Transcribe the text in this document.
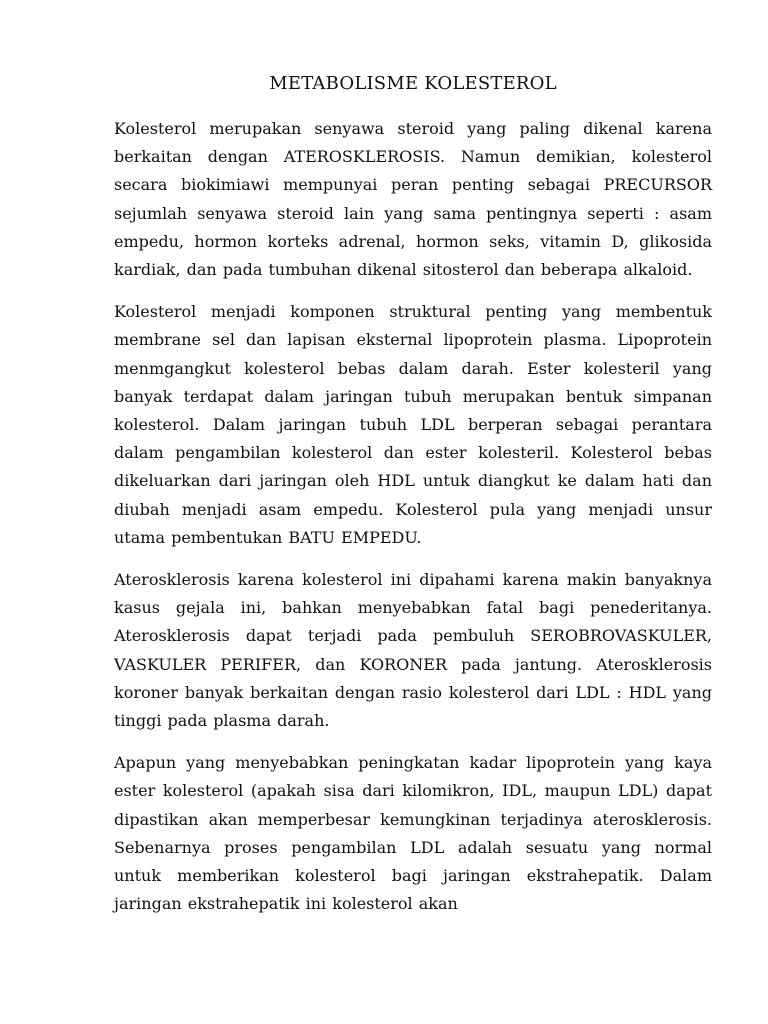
METABOLISME KOLESTEROL

Kolesterol merupakan senyawa steroid yang paling dikenal karena berkaitan dengan ATEROSKLEROSIS. Namun demikian, kolesterol secara biokimiawi mempunyai peran penting sebagai PRECURSOR sejumlah senyawa steroid lain yang sama pentingnya seperti : asam empedu, hormon korteks adrenal, hormon seks, vitamin D, glikosida kardiak, dan pada tumbuhan dikenal sitosterol dan beberapa alkaloid.

Kolesterol menjadi komponen struktural penting yang membentuk membrane sel dan lapisan eksternal lipoprotein plasma. Lipoprotein menmgangkut kolesterol bebas dalam darah. Ester kolesteril yang banyak terdapat dalam jaringan tubuh merupakan bentuk simpanan kolesterol. Dalam jaringan tubuh LDL berperan sebagai perantara dalam pengambilan kolesterol dan ester kolesteril. Kolesterol bebas dikeluarkan dari jaringan oleh HDL untuk diangkut ke dalam hati dan diubah menjadi asam empedu. Kolesterol pula yang menjadi unsur utama pembentukan BATU EMPEDU.

Aterosklerosis karena kolesterol ini dipahami karena makin banyaknya kasus gejala ini, bahkan menyebabkan fatal bagi penederitanya. Aterosklerosis dapat terjadi pada pembuluh SEROBROVASKULER, VASKULER PERIFER, dan KORONER pada jantung. Aterosklerosis koroner banyak berkaitan dengan rasio kolesterol dari LDL : HDL yang tinggi pada plasma darah.

Apapun yang menyebabkan peningkatan kadar lipoprotein yang kaya ester kolesterol (apakah sisa dari kilomikron, IDL, maupun LDL) dapat dipastikan akan memperbesar kemungkinan terjadinya aterosklerosis. Sebenarnya proses pengambilan LDL adalah sesuatu yang normal untuk memberikan kolesterol bagi jaringan ekstrahepatik. Dalam jaringan ekstrahepatik ini kolesterol akan
